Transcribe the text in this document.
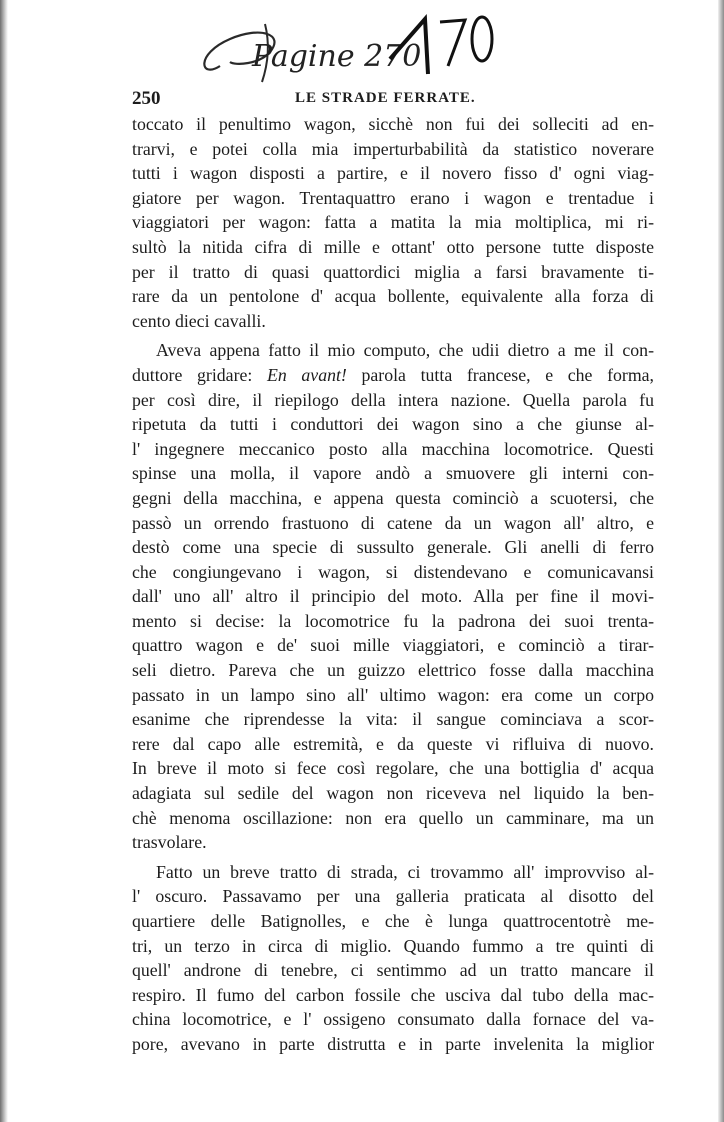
Pagine 270
250	LE STRADE FERRATE.
toccato il penultimo wagon, sicchè non fui dei solleciti ad en-
trarvi, e potei colla mia imperturbabilità da statistico noverare
tutti i wagon disposti a partire, e il novero fisso d' ogni viag-
giatore per wagon. Trentaquattro erano i wagon e trentadue i
viaggiatori per wagon: fatta a matita la mia moltiplica, mi ri-
sultò la nitida cifra di mille e ottant' otto persone tutte disposte
per il tratto di quasi quattordici miglia a farsi bravamente ti-
rare da un pentolone d' acqua bollente, equivalente alla forza di
cento dieci cavalli.
Aveva appena fatto il mio computo, che udii dietro a me il con-
duttore gridare: En avant! parola tutta francese, e che forma,
per così dire, il riepilogo della intera nazione. Quella parola fu
ripetuta da tutti i conduttori dei wagon sino a che giunse al-
l' ingegnere meccanico posto alla macchina locomotrice. Questi
spinse una molla, il vapore andò a smuovere gli interni con-
gegni della macchina, e appena questa cominciò a scuotersi, che
passò un orrendo frastuono di catene da un wagon all' altro, e
destò come una specie di sussulto generale. Gli anelli di ferro
che congiungevano i wagon, si distendevano e comunicavansi
dall' uno all' altro il principio del moto. Alla per fine il movi-
mento si decise: la locomotrice fu la padrona dei suoi trenta-
quattro wagon e de' suoi mille viaggiatori, e cominciò a tirar-
seli dietro. Pareva che un guizzo elettrico fosse dalla macchina
passato in un lampo sino all' ultimo wagon: era come un corpo
esanime che riprendesse la vita: il sangue cominciava a scor-
rere dal capo alle estremità, e da queste vi rifluiva di nuovo.
In breve il moto si fece così regolare, che una bottiglia d' acqua
adagiata sul sedile del wagon non riceveva nel liquido la ben-
chè menoma oscillazione: non era quello un camminare, ma un
trasvolare.
Fatto un breve tratto di strada, ci trovammo all' improvviso al-
l' oscuro. Passavamo per una galleria praticata al disotto del
quartiere delle Batignolles, e che è lunga quattrocentotrè me-
tri, un terzo in circa di miglio. Quando fummo a tre quinti di
quell' androne di tenebre, ci sentimmo ad un tratto mancare il
respiro. Il fumo del carbon fossile che usciva dal tubo della mac-
china locomotrice, e l' ossigeno consumato dalla fornace del va-
pore, avevano in parte distrutta e in parte invelenita la miglior
